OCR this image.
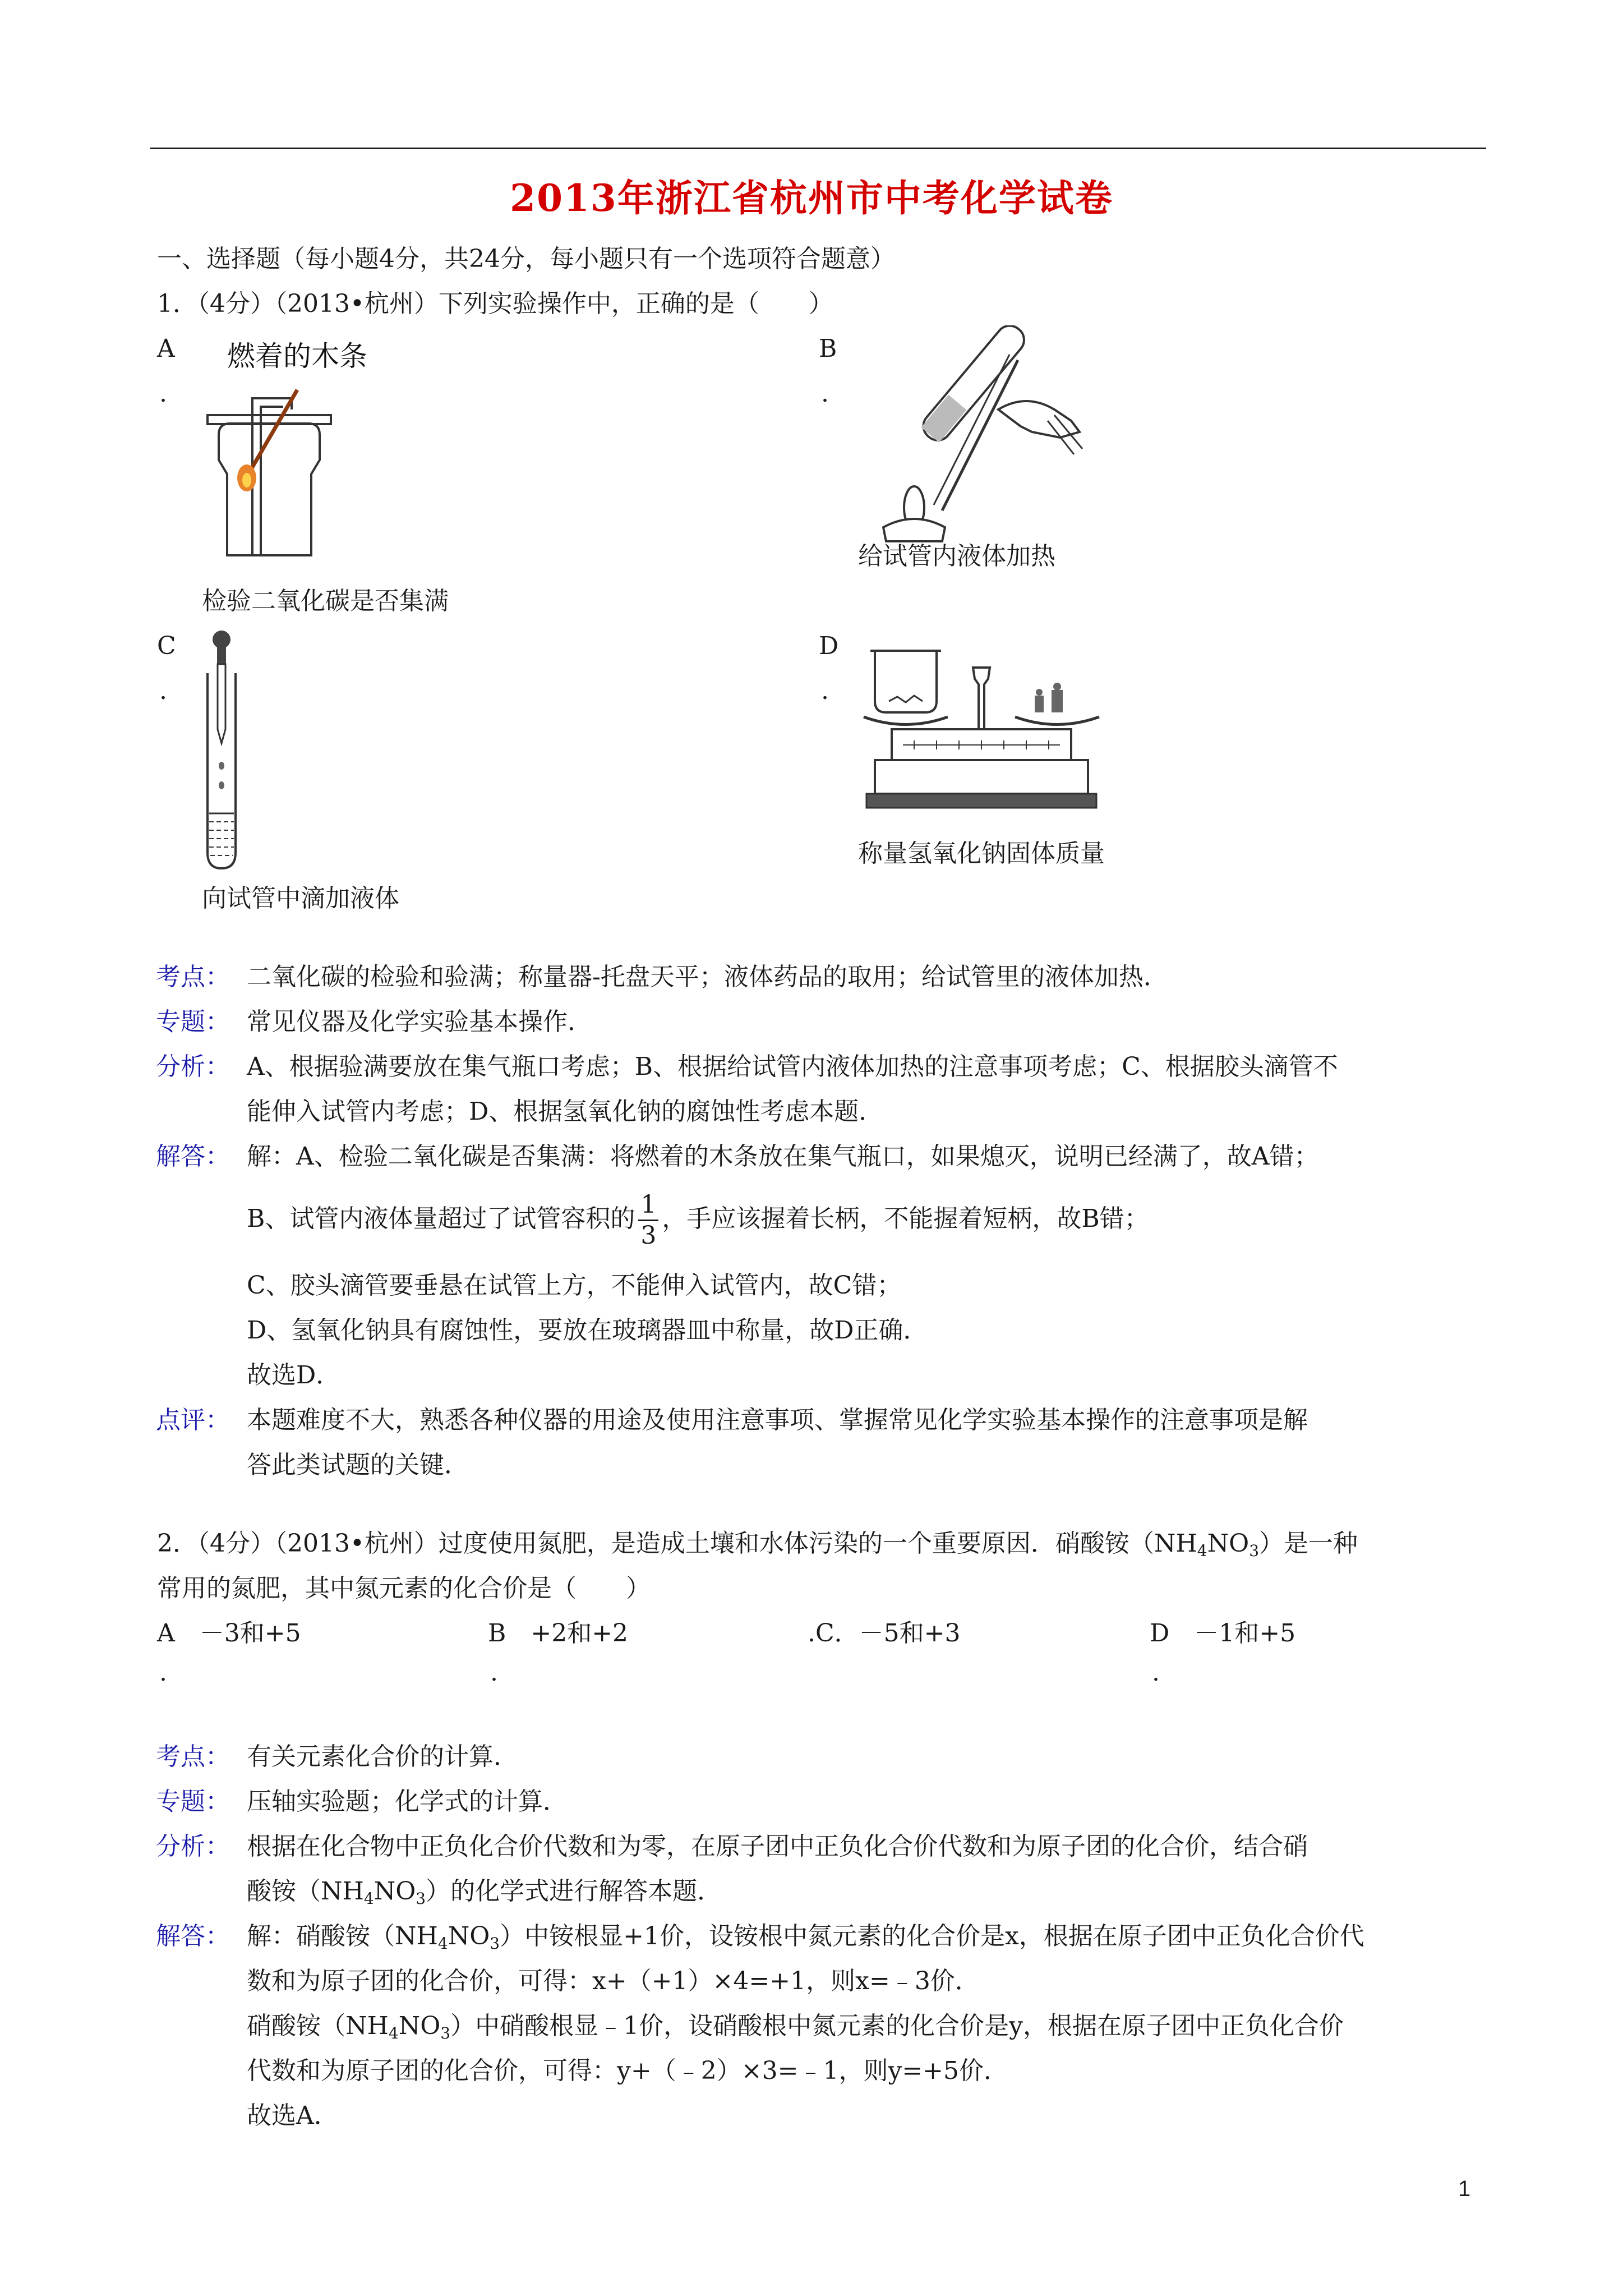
2013年浙江省杭州市中考化学试卷
一、选择题（每小题4分，共24分，每小题只有一个选项符合题意）
1．（4分）（2013•杭州）下列实验操作中，正确的是（　　）
A
.
燃着的木条
检验二氧化碳是否集满
B
.
给试管内液体加热
C
.
向试管中滴加液体
D
.
称量氢氧化钠固体质量
考点： 二氧化碳的检验和验满；称量器-托盘天平；液体药品的取用；给试管里的液体加热．
专题： 常见仪器及化学实验基本操作．
分析： A、根据验满要放在集气瓶口考虑；B、根据给试管内液体加热的注意事项考虑；C、根据胶头滴管不
能伸入试管内考虑；D、根据氢氧化钠的腐蚀性考虑本题．
解答： 解：A、检验二氧化碳是否集满：将燃着的木条放在集气瓶口，如果熄灭，说明已经满了，故A错；
B、试管内液体量超过了试管容积的 $\frac{1}{3}$ ，手应该握着长柄，不能握着短柄，故B错；
C、胶头滴管要垂悬在试管上方，不能伸入试管内，故C错；
D、氢氧化钠具有腐蚀性，要放在玻璃器皿中称量，故D正确．
故选D．
点评： 本题难度不大，熟悉各种仪器的用途及使用注意事项、掌握常见化学实验基本操作的注意事项是解
答此类试题的关键．
2．（4分）（2013•杭州）过度使用氮肥，是造成土壤和水体污染的一个重要原因．硝酸铵$(NH_4NO_3)$是一种
常用的氮肥，其中氮元素的化合价是（　　）
A　－3和+5
.
B　+2和+2
.
.C．－5和+3	D　－1和+5
.
考点： 有关元素化合价的计算．
专题： 压轴实验题；化学式的计算．
分析： 根据在化合物中正负化合价代数和为零，在原子团中正负化合价代数和为原子团的化合价，结合硝
酸铵$(NH_4NO_3)$的化学式进行解答本题．
解答： 解：硝酸铵$(NH_4NO_3)$中铵根显+1价，设铵根中氮元素的化合价是x，根据在原子团中正负化合价代
数和为原子团的化合价，可得：x+（+1）×4=+1，则x=﹣3价．
硝酸铵$(NH_4NO_3)$中硝酸根显﹣1价，设硝酸根中氮元素的化合价是y，根据在原子团中正负化合价
代数和为原子团的化合价，可得：y+（﹣2）×3=﹣1，则y=+5价．
故选A．
1
